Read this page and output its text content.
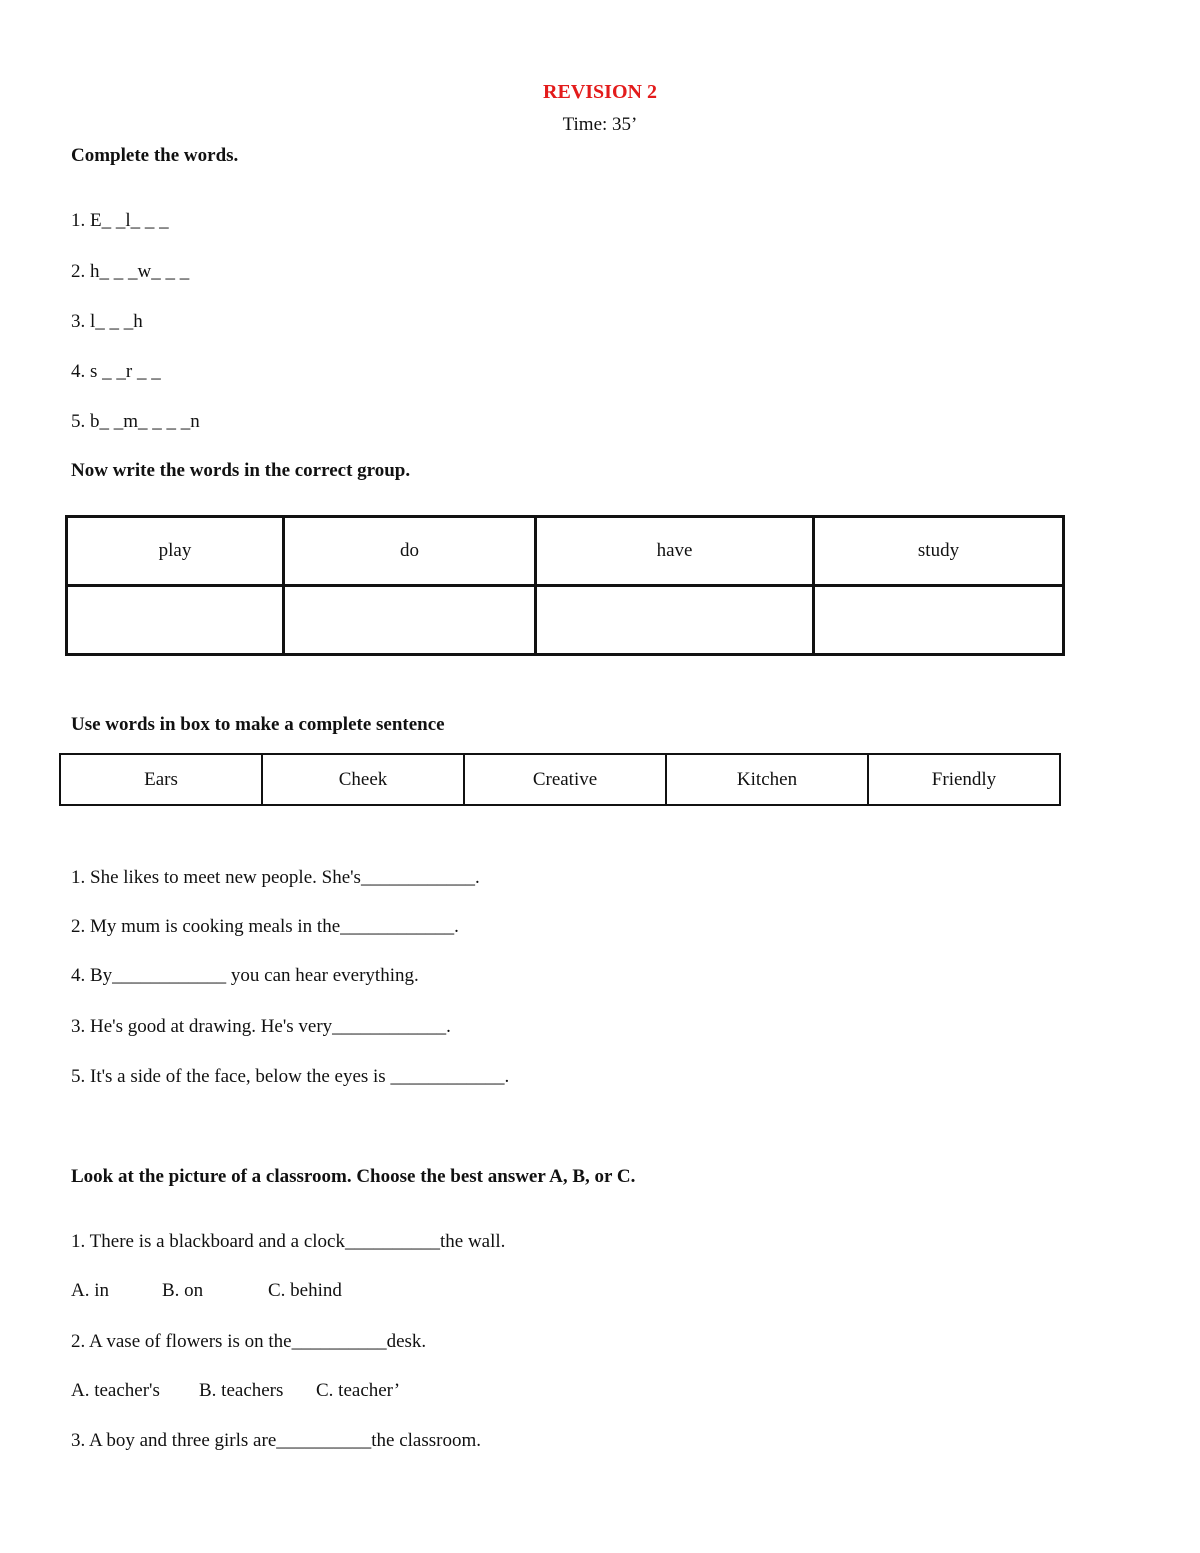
REVISION 2
Time: 35’
Complete the words.
1. E_ _l_ _ _
2. h_ _ _w_ _ _
3. l_ _ _h
4. s _ _r _ _
5. b_ _m_ _ _ _n
Now write the words in the correct group.
play	do	have	study

Use words in box to make a complete sentence
Ears	Cheek	Creative	Kitchen	Friendly
1. She likes to meet new people. She's____________.
2. My mum is cooking meals in the____________.
4. By____________ you can hear everything.
3. He's good at drawing. He's very____________.
5. It's a side of the face, below the eyes is ____________.
Look at the picture of a classroom. Choose the best answer A, B, or C.
1. There is a blackboard and a clock__________the wall.
A. in	B. on	C. behind
2. A vase of flowers is on the__________desk.
A. teacher's B. teachers C. teacher’
3. A boy and three girls are__________the classroom.
